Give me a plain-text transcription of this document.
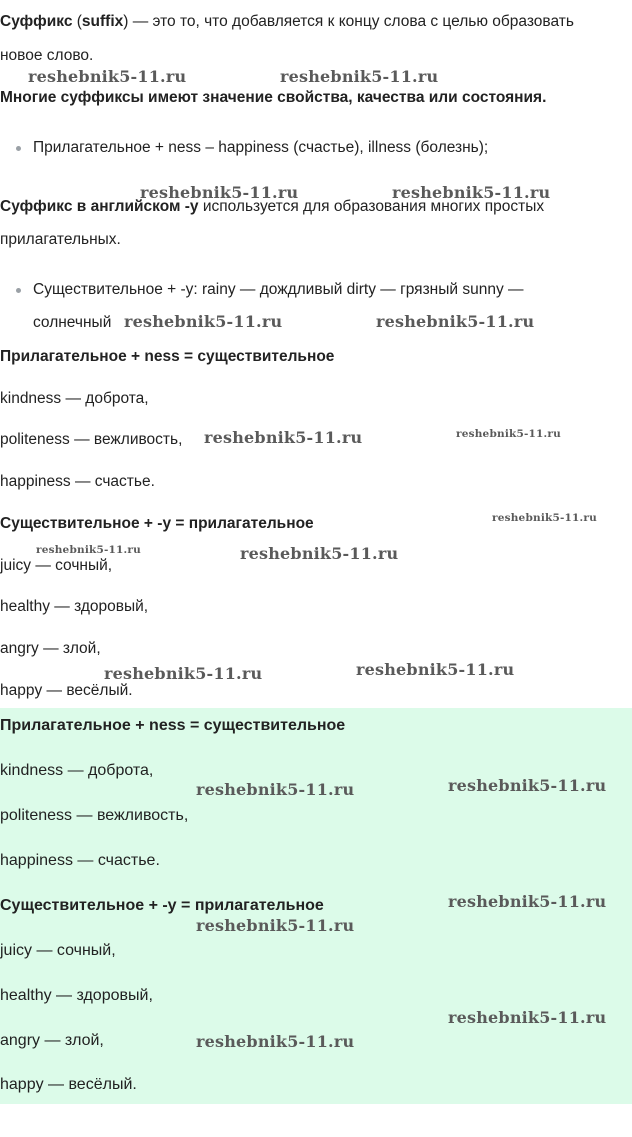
Суффикс (suffix) — это то, что добавляется к концу слова с целью образовать
новое слово.
Многие суффиксы имеют значение свойства, качества или состояния.
Прилагательное + ness – happiness (счастье), illness (болезнь);
Суффикс в английском -y используется для образования многих простых
прилагательных.
Существительное + -y: rainy — дождливый dirty — грязный sunny —
солнечный
Прилагательное + ness = существительное
kindness — доброта,
politeness — вежливость,
happiness — счастье.
Существительное + -y = прилагательное
juicy — сочный,
healthy — здоровый,
angry — злой,
happy — весёлый.
Прилагательное + ness = существительное
kindness — доброта,
politeness — вежливость,
happiness — счастье.
Существительное + -y = прилагательное
juicy — сочный,
healthy — здоровый,
angry — злой,
happy — весёлый.
reshebnik5-11.ru	reshebnik5-11.ru
reshebnik5-11.ru	reshebnik5-11.ru
reshebnik5-11.ru	reshebnik5-11.ru
reshebnik5-11.ru	reshebnik5-11.ru
reshebnik5-11.ru
reshebnik5-11.ru	reshebnik5-11.ru
reshebnik5-11.ru	reshebnik5-11.ru
reshebnik5-11.ru	reshebnik5-11.ru
reshebnik5-11.ru
reshebnik5-11.ru
reshebnik5-11.ru
reshebnik5-11.ru
